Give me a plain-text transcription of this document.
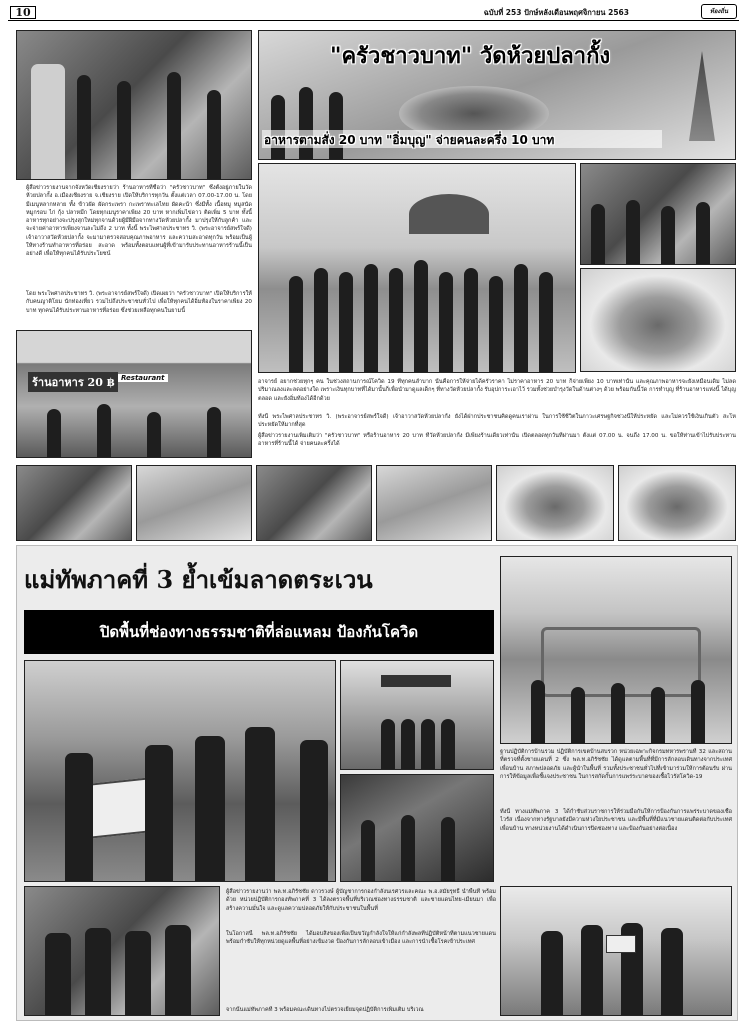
10	ฉบับที่ 253 ปักษ์หลังเดือนพฤศจิกายน 2563	ท้องถิ่น
"ครัวชาวบาท" วัดห้วยปลากั้ง
อาหารตามสั่ง 20 บาท "อิ่มบุญ" จ่ายคนละครึ่ง 10 บาท
ผู้สื่อข่าวรายงานจากจังหวัดเชียงรายว่า ร้านอาหารที่ชื่อว่า "ครัวชาวบาท" ซึ่งตั้งอยู่ภายในวัดห้วยปลากั้ง อ.เมืองเชียงราย จ.เชียงราย เปิดให้บริการทุกวัน ตั้งแต่เวลา 07.00-17.00 น. โดยมีเมนูหลากหลาย ทั้ง ข้าวผัด ผัดกระเพรา กะเพราทะเลไทย ผัดคะน้า ซึ่งมีทั้ง เนื้อหมู หมูสนัด หมูกรอบ ไก่ กุ้ง ปลาหมึก โดยทุกเมนูราคาเพียง 20 บาท หากเพิ่มไข่ดาว ติดเพิ่ม 5 บาท ทั้งนี้อาหารทุกอย่างจะปรุงสุกใหม่ทุกจานด้วยผู้มีฝีมือจากทางวัดห้วยปลากั้ง มาปรุงให้กับลูกค้า และจะจ่ายค่าอาหารเพียงจานละไม่ถึง 2 บาท ทั้งนี้ พระไพศาลประชาทร วิ. (พระอาจารย์สพร์ใจดี) เจ้าอาวาสวัดห้วยปลากั้ง จะมามาตรวจสอบคุณภาพอาหาร และความสะอาดทุกวัน พร้อมเป็นผู้ให้ทางร้านทำอาหารที่อร่อย สะอาด พร้อมทั้งตอบแทนผู้ที่เข้ามารับประทานอาหารร้านนี้เป็นอย่างดี เพื่อให้ทุกคนได้รับประโยชน์
โดย พระไพศาลประชาทร วิ. (พระอาจารย์สพร์ใจดี) เปิดเผยว่า "ครัวชาวบาท" เปิดให้บริการให้กับคนญาติโยม นักท่องเที่ยว รวมไปถึงประชาชนทั่วไป เพื่อให้ทุกคนได้อิ่มท้องในราคาเพียง 20 บาท ทุกคนได้รับประทานอาหารที่อร่อย ซึ่งช่วยเหลือทุกคนในยามนี้
ร้านอาหาร 20 ฿ Restaurant	อาจารย์ อยากช่วยทุกๆ คน ในช่วงสถานการณ์โควิด 19 ที่ทุกคนลำบาก นั้นคือการให้จ่ายได้ครัวราคา ไม่ราคาอาหาร 20 บาท ก็จ่ายเพียง 10 บาทเท่านั้น และคุณภาพอาหารจะยังเหมือนเดิม ไม่ลดปริมาณลงและลดอย่างใด เพราะเงินทุกบาทที่ได้มานั้นก็เพื่อนำมาดูแลเด็กๆ ที่ทางวัดห้วยปลากั้ง รับอุปการะเอาไว้ รวมทั้งช่วยบำรุงวัดในด้านต่างๆ ด้วย พร้อมกันนี้วัด การทำบุญ ที่ร้านอาหารแห่งนี้ ได้บุญตลอด และยังอิ่มท้องได้อีกด้วย
ทั้งนี้ พระไพศาลประชาทร วิ. (พระอาจารย์สพร์ใจดี) เจ้าอาวาสวัดห้วยปลากั้ง ยังได้ฝากประชาชนคิดดูคนเราผ่าน ในการใช้ชีวิตในภาวะเศรษฐกิจช่วงนี้ให้ประหยัด และไม่ควรใช้เงินเกินตัว สะโหประหยัดให้มากที่สุด
ผู้สื่อข่าวรายงานเพิ่มเติมว่า "ครัวชาวบาท" หรือร้านอาหาร 20 บาท ที่วัดห้วยปลากั้ง มีเพียงร้านเดียวเท่านั้น เปิดตลอดทุกวันที่ผ่านมา ตั้งแต่ 07.00 น. จนถึง 17.00 น. ขอให้ท่านเข้าไปรับประทานอาหารที่ร้านนี้ได้ จ่ายคนละครึ่งได้
แม่ทัพภาคที่ 3 ย้ำเข้มลาดตระเวน
ปิดพื้นที่ช่องทางธรรมชาติที่ล่อแหลม ป้องกันโควิด
ฐานปฏิบัติการบ้านรวม ปฏิบัติการเขตบ้านสบรวก หน่วยเฉพาะกิจกรมทหารพรานที่ 32 และสถานที่ตรวจที่ตั้งชายแดนที่ 2 ซึ่ง พล.ท.อภิรัชชัย ได้ดูแลตามพื้นที่ที่มีการลักลอบเดินทางจากประเทศเพื่อนบ้าน สภาพปลอดภัย และผู้นำในพื้นที่ รวมทั้งประชาชนทั่วไปที่เข้ามาร่วมให้การต้อนรับ ผ่านการให้ข้อมูลเพื่อชี้แจงประชาชน ในการสกัดกั้นการแพร่ระบาดของเชื้อไวรัสโควิด-19
ทั้งนี้ ทางแม่ทัพภาค 3 ได้กำชับส่วนราชการให้ร่วมมือกันให้การป้องกันการแพร่ระบาดของเชื้อไวรัส เนื่องจากทางรัฐบาลยังมีความห่วงใยประชาชน และมีพื้นที่ที่มีแนวชายแดนติดต่อกับประเทศเพื่อนบ้าน ทางหน่วยงานได้ดำเนินการปิดช่องทาง และป้องกันอย่างต่อเนื่อง
ผู้สื่อข่าวรายงานว่า พล.ท.อภิรัชชัย ดาวรวงษ์ ผู้บัญชาการกองกำลังนเรศวรและคณะ พ.อ.สมัยรุทธิ์ นำพื้นที่ พร้อมด้วย หน่วยปฏิบัติการกองทัพภาคที่ 3 ได้ลงตรวจพื้นที่บริเวณช่องทางธรรมชาติ และชายแดนไทย-เมียนมา เพื่อสร้างความมั่นใจ และดูแลความปลอดภัยให้กับประชาชนในพื้นที่
ในโอกาสนี้ พล.ท.อภิรัชชัย ได้มอบสิ่งของเพื่อเป็นขวัญกำลังใจให้แก่กำลังพลที่ปฏิบัติหน้าที่ตามแนวชายแดน พร้อมกำชับให้ทุกหน่วยดูแลพื้นที่อย่างเข้มงวด ป้องกันการลักลอบเข้าเมือง และการนำเชื้อโรคเข้าประเทศ
จากนั้นแม่ทัพภาคที่ 3 พร้อมคณะเดินทางไปตรวจเยี่ยมจุดปฏิบัติการเพิ่มเติม บริเวณ
